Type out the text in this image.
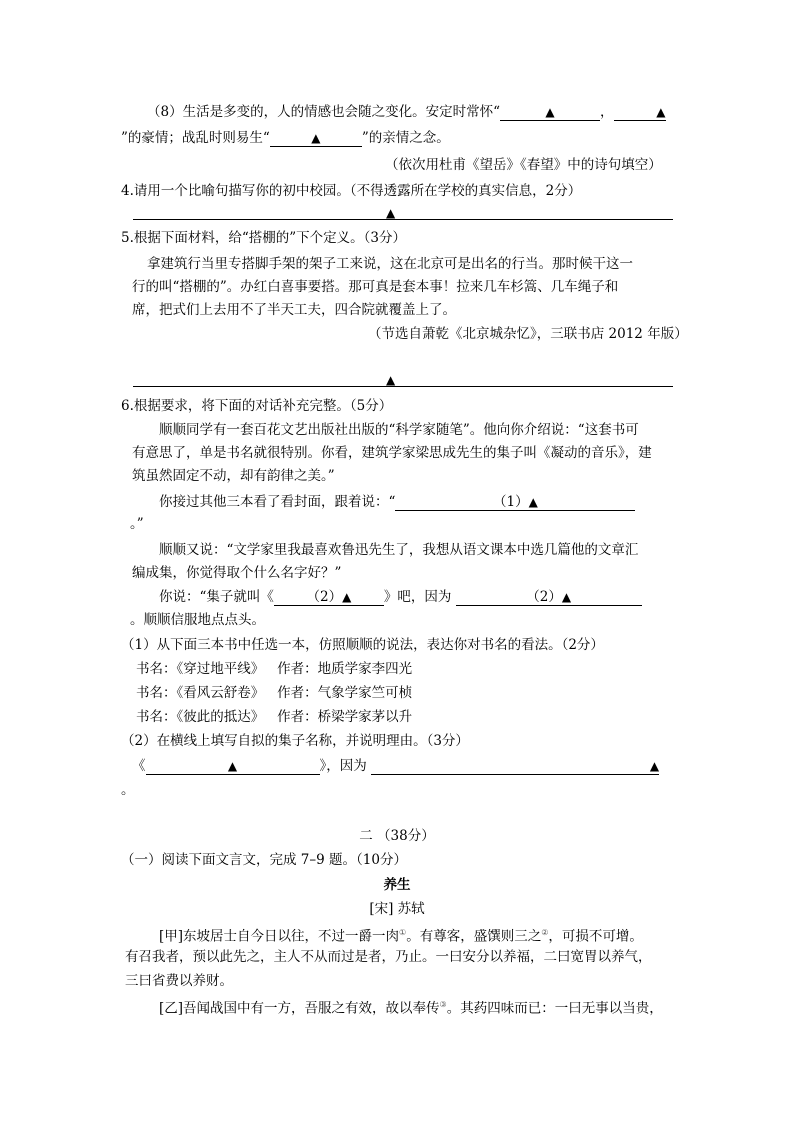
（8）生活是多变的，人的情感也会随之变化。安定时常怀“	▲	，	▲
”的豪情；战乱时则易生“	▲	”的亲情之念。
（依次用杜甫《望岳》《春望》中的诗句填空）
4.请用一个比喻句描写你的初中校园。（不得透露所在学校的真实信息，2分）
▲
5.根据下面材料，给“搭棚的”下个定义。（3分）
拿建筑行当里专搭脚手架的架子工来说，这在北京可是出名的行当。那时候干这一
行的叫“搭棚的”。办红白喜事要搭。那可真是套本事！拉来几车杉篙、几车绳子和
席，把式们上去用不了半天工夫，四合院就覆盖上了。
（节选自萧乾《北京城杂忆》，三联书店 2012 年版）
▲
6.根据要求，将下面的对话补充完整。（5分）
顺顺同学有一套百花文艺出版社出版的“科学家随笔”。他向你介绍说：“这套书可
有意思了，单是书名就很特别。你看，建筑学家梁思成先生的集子叫《凝动的音乐》，建
筑虽然固定不动，却有韵律之美。”
你接过其他三本看了看封面，跟着说：“	（1）▲
。”
顺顺又说：“文学家里我最喜欢鲁迅先生了，我想从语文课本中选几篇他的文章汇
编成集，你觉得取个什么名字好？”
你说：“集子就叫《 （2）▲ 》吧，因为	（2）▲
。顺顺信服地点点头。
（1）从下面三本书中任选一本，仿照顺顺的说法，表达你对书名的看法。（2分）
书名：《穿过地平线》 作者：地质学家李四光
书名：《看风云舒卷》 作者：气象学家竺可桢
书名：《彼此的抵达》 作者：桥梁学家茅以升
（2）在横线上填写自拟的集子名称，并说明理由。（3分）
《	▲	》，因为	▲
。
二 （38分）
（一）阅读下面文言文，完成 7–9 题。（10分）
养生
[宋] 苏轼
[甲]东坡居士自今日以往，不过一爵一肉①。有尊客，盛馔则三之②，可损不可增。
有召我者，预以此先之，主人不从而过是者，乃止。一曰安分以养福，二曰宽胃以养气，
三曰省费以养财。
[乙]吾闻战国中有一方，吾服之有效，故以奉传③。其药四味而已：一曰无事以当贵，
